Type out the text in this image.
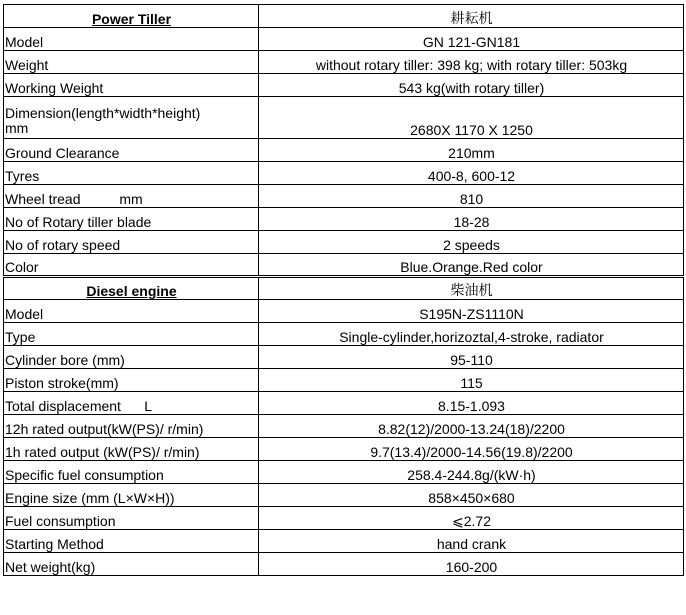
Power Tiller	耕耘机
Model	GN 121-GN181
Weight	without rotary tiller: 398 kg; with rotary tiller: 503kg
Working Weight	543 kg(with rotary tiller)
Dimension(length*width*height)
mm	2680X 1170 X 1250
Ground Clearance	210mm
Tyres	400-8, 600-12
Wheel tread          mm	810
No of Rotary tiller blade	18-28
No of rotary speed	2 speeds
Color	Blue.Orange.Red color
Diesel engine	柴油机
Model	S195N-ZS1110N
Type	Single-cylinder,horizoztal,4-stroke, radiator
Cylinder bore (mm)	95-110
Piston stroke(mm)	115
Total displacement      L	8.15-1.093
12h rated output(kW(PS)/ r/min)	8.82(12)/2000-13.24(18)/2200
1h rated output (kW(PS)/ r/min)	9.7(13.4)/2000-14.56(19.8)/2200
Specific fuel consumption	258.4-244.8g/(kW·h)
Engine size (mm (L×W×H))	858×450×680
Fuel consumption	⩽2.72
Starting Method	hand crank
Net weight(kg)	160-200
